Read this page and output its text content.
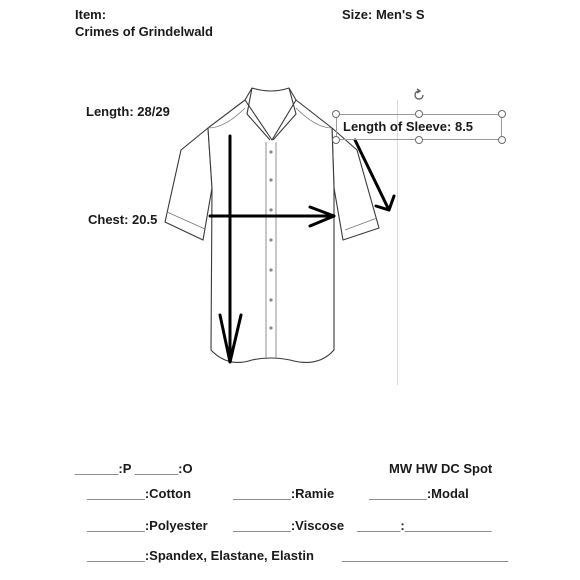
Item:
Crimes of Grindelwald
Size: Men's S
Length: 28/29
Chest: 20.5
Length of Sleeve: 8.5
______:P ______:O	MW HW DC Spot
________:Cotton	________:Ramie	________:Modal
________:Polyester ________:Viscose ______:____________
________:Spandex, Elastane, Elastin _______________________
